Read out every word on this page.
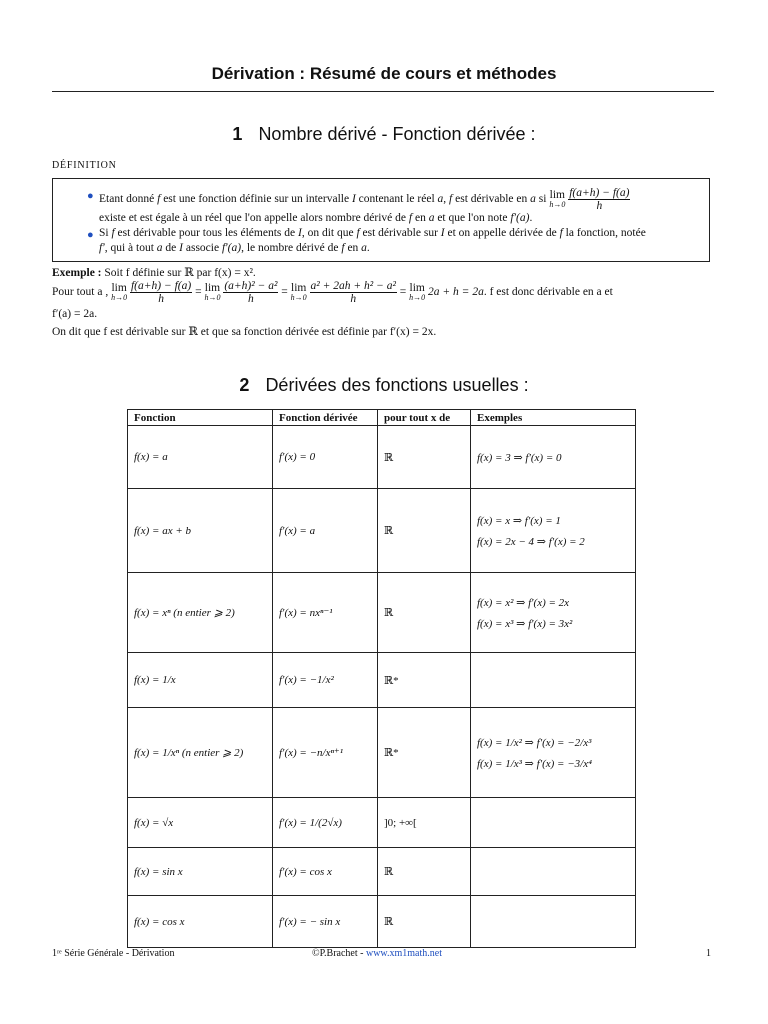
Dérivation : Résumé de cours et méthodes
1 Nombre dérivé - Fonction dérivée :
DÉFINITION
● Etant donné f est une fonction définie sur un intervalle I contenant le réel a, f est dérivable en a si lim
h→0
$\frac{f(a+h) - f(a)}{h}$
existe et est égale à un réel que l'on appelle alors nombre dérivé de f en a et que l'on note f′(a).
● Si f est dérivable pour tous les éléments de I, on dit que f est dérivable sur I et on appelle dérivée de f la fonction, notée
f′, qui à tout a de I associe f′(a), le nombre dérivé de f en a.
Exemple : Soit f définie sur ℝ par f(x) = x².
Pour tout a , lim
h→0
$\frac{f(a+h) - f(a)}{h} = \lim$
h→0
$\frac{\text{(a+h)² − a²}}{h} = \lim$
h→0
$\frac{\text{a² + 2ah + h² − a²}}{h} = \lim$
h→0 2a + h = 2a. f est donc dérivable en a et
f′(a) = 2a.
On dit que f est dérivable sur ℝ et que sa fonction dérivée est définie par f′(x) = 2x.
2 Dérivées des fonctions usuelles :
Fonction	Fonction dérivée	pour tout x de	Exemples
f(x) = a	f′(x) = 0	ℝ	f(x) = 3 ⇒ f′(x) = 0

f(x) = ax + b	f′(x) = a	ℝ	f(x) = x ⇒ f′(x) = 1
f(x) = 2x − 4 ⇒ f′(x) = 2

f(x) = xⁿ (n entier ⩾ 2)	f′(x) = nxⁿ⁻¹	ℝ	f(x) = x² ⇒ f′(x) = 2x
f(x) = x³ ⇒ f′(x) = 3x²

f(x) = 1/x	f′(x) = −1/x²	ℝ*	
f(x) = 1/xⁿ (n entier ⩾ 2)	f′(x) = −n/xⁿ⁺¹	ℝ*	f(x) = 1/x² ⇒ f′(x) = −2/x³
f(x) = 1/x³ ⇒ f′(x) = −3/x⁴

f(x) = √x	f′(x) = 1/(2√x)	]0; +∞[	
f(x) = sin x	f′(x) = cos x	ℝ	
f(x) = cos x	f′(x) = − sin x	ℝ	
1ʳᵉ Série Générale - Dérivation	©P.Brachet - www.xm1math.net	1
